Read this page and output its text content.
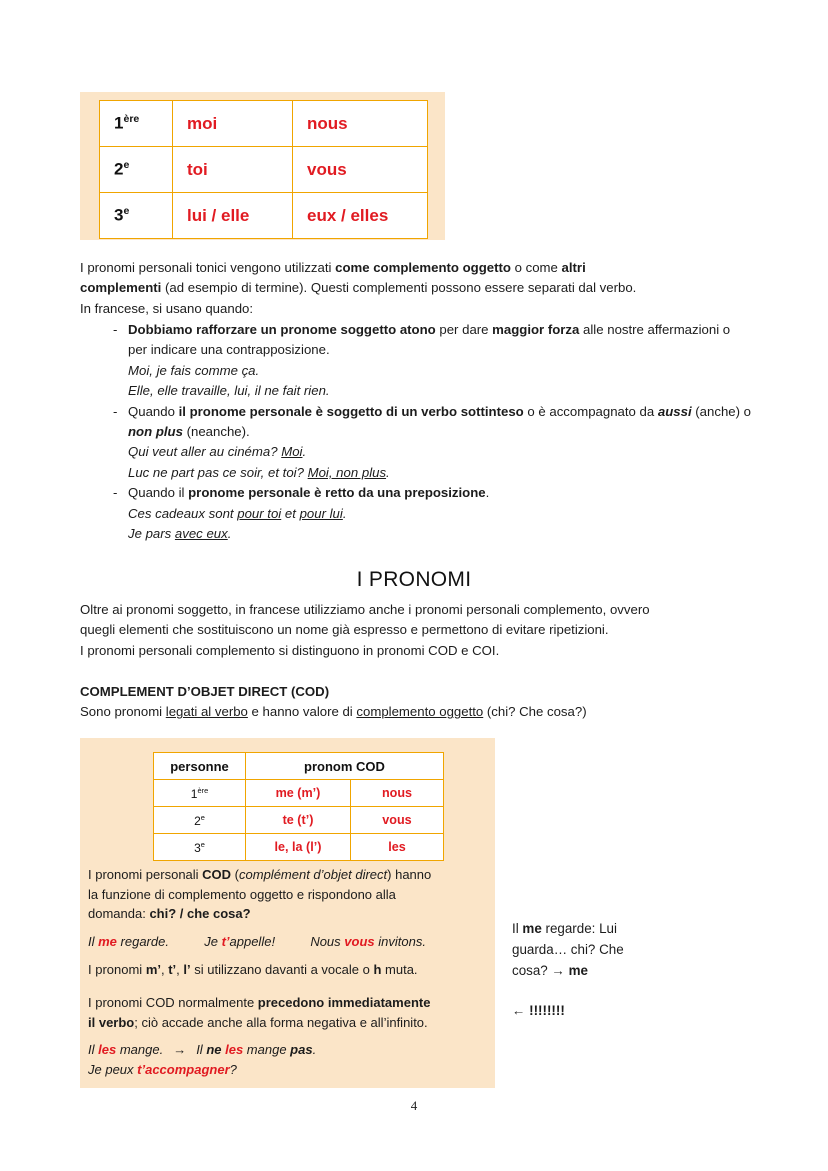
1ère	moi	nous
2e	toi	vous
3e	lui / elle	eux / elles

I pronomi personali tonici vengono utilizzati come complemento oggetto o come altri

complementi (ad esempio di termine). Questi complementi possono essere separati dal verbo.

In francese, si usano quando:

- Dobbiamo rafforzare un pronome soggetto atono per dare maggior forza alle nostre affermazioni o per indicare una contrapposizione.
Moi, je fais comme ça.
Elle, elle travaille, lui, il ne fait rien.
- Quando il pronome personale è soggetto di un verbo sottinteso o è accompagnato da aussi (anche) o non plus (neanche).
Qui veut aller au cinéma? Moi.
Luc ne part pas ce soir, et toi? Moi, non plus.
- Quando il pronome personale è retto da una preposizione.
Ces cadeaux sont pour toi et pour lui.
Je pars avec eux.
I PRONOMI

Oltre ai pronomi soggetto, in francese utilizziamo anche i pronomi personali complemento, ovvero

quegli elementi che sostituiscono un nome già espresso e permettono di evitare ripetizioni.

I pronomi personali complemento si distinguono in pronomi COD e COI.

COMPLEMENT D’OBJET DIRECT (COD)

Sono pronomi legati al verbo e hanno valore di complemento oggetto (chi? Che cosa?)

personne	pronom COD	
1ère	me (m’)	nous
2e	te (t’)	vous
3e	le, la (l’)	les

I pronomi personali COD (complément d’objet direct) hanno

la funzione di complemento oggetto e rispondono alla

domanda: chi? / che cosa?

Il me regarde.	Je t’appelle!	Nous vous invitons.

I pronomi m’, t’, l’ si utilizzano davanti a vocale o h muta.

I pronomi COD normalmente precedono immediatamente

il verbo; ciò accade anche alla forma negativa e all’infinito.

Il les mange. → Il ne les mange pas.

Je peux t’accompagner?

Il me regarde: Lui

guarda… chi? Che

cosa? → me

← !!!!!!!!

4
